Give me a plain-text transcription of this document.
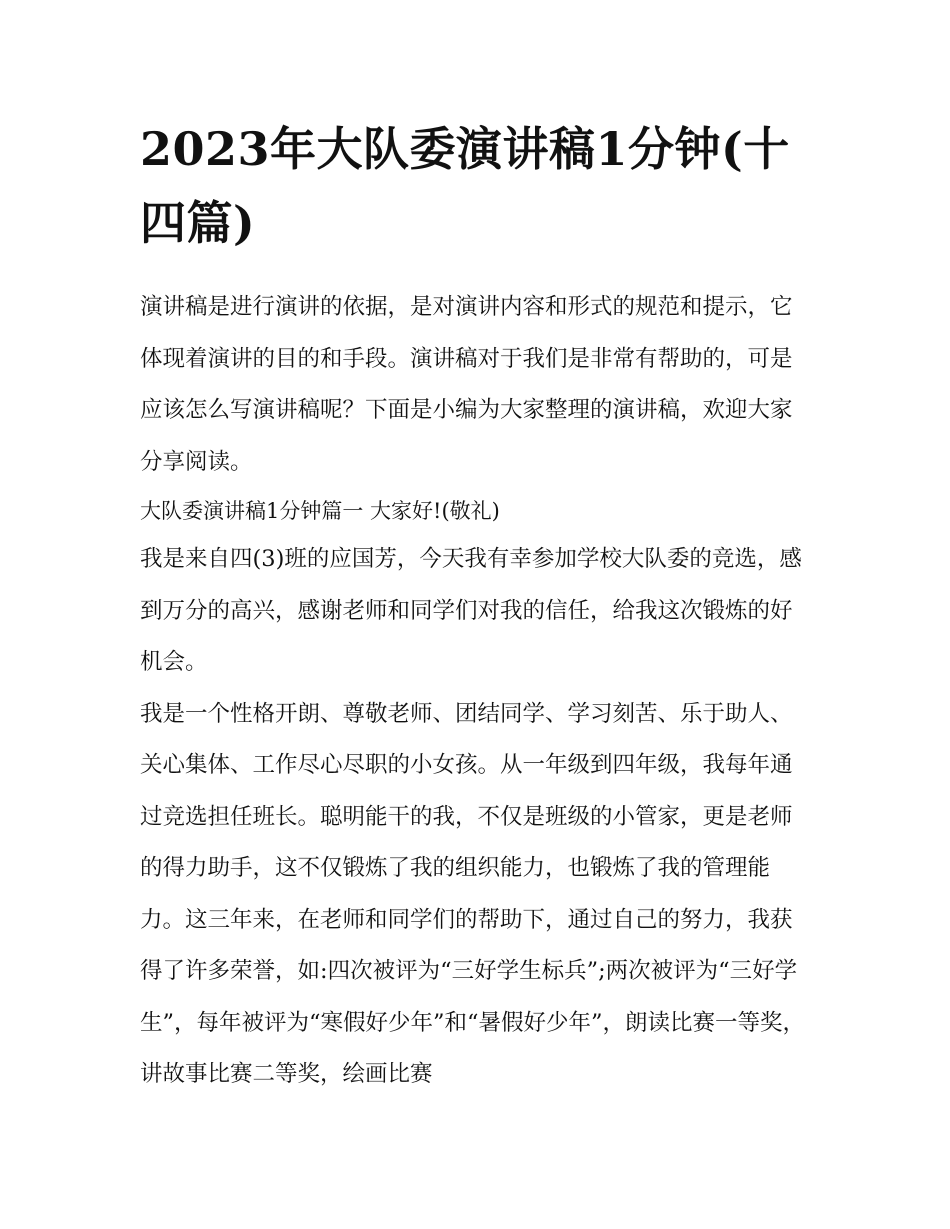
2023年大队委演讲稿1分钟(十四篇)

演讲稿是进行演讲的依据，是对演讲内容和形式的规范和提示，它体现着演讲的目的和手段。演讲稿对于我们是非常有帮助的，可是应该怎么写演讲稿呢？下面是小编为大家整理的演讲稿，欢迎大家分享阅读。

大队委演讲稿1分钟篇一 大家好!(敬礼)

我是来自四(3)班的应国芳，今天我有幸参加学校大队委的竞选，感到万分的高兴，感谢老师和同学们对我的信任，给我这次锻炼的好机会。

我是一个性格开朗、尊敬老师、团结同学、学习刻苦、乐于助人、关心集体、工作尽心尽职的小女孩。从一年级到四年级，我每年通过竞选担任班长。聪明能干的我，不仅是班级的小管家，更是老师的得力助手，这不仅锻炼了我的组织能力，也锻炼了我的管理能力。这三年来，在老师和同学们的帮助下，通过自己的努力，我获得了许多荣誉，如:四次被评为“三好学生标兵”;两次被评为“三好学生”，每年被评为“寒假好少年”和“暑假好少年”，朗读比赛一等奖，讲故事比赛二等奖，绘画比赛
